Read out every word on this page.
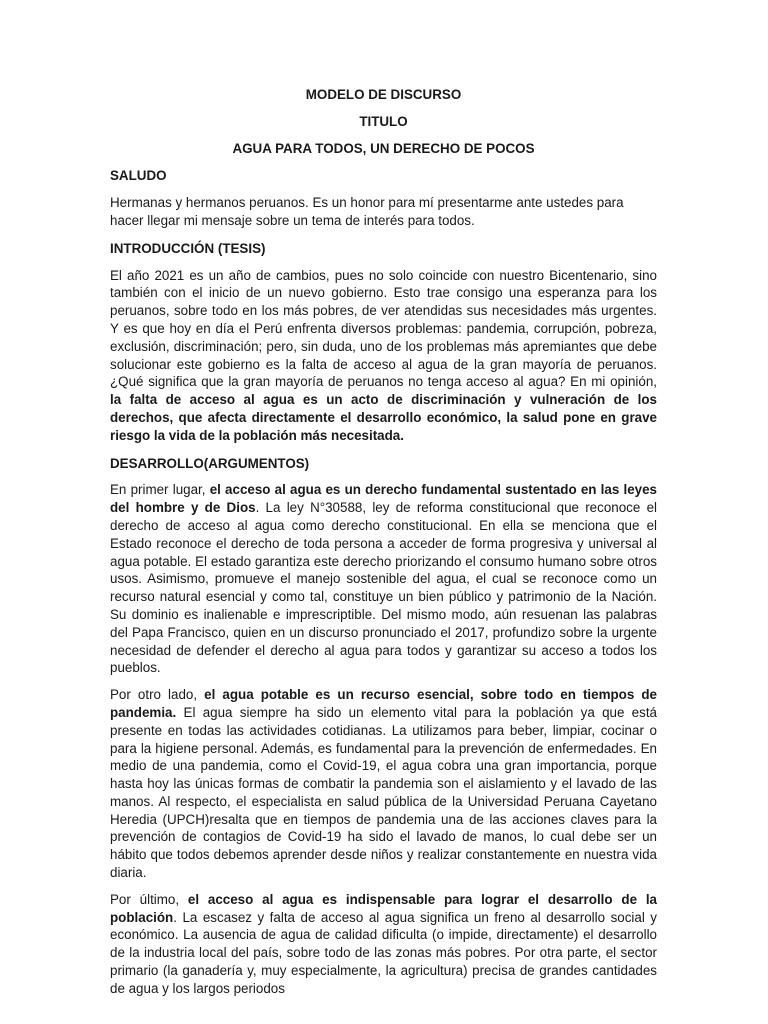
MODELO DE DISCURSO
TITULO
AGUA PARA TODOS, UN DERECHO DE POCOS
SALUDO

Hermanas y hermanos peruanos. Es un honor para mí presentarme ante ustedes para hacer llegar mi mensaje sobre un tema de interés para todos.

INTRODUCCIÓN (TESIS)

El año 2021 es un año de cambios, pues no solo coincide con nuestro Bicentenario, sino también con el inicio de un nuevo gobierno. Esto trae consigo una esperanza para los peruanos, sobre todo en los más pobres, de ver atendidas sus necesidades más urgentes. Y es que hoy en día el Perú enfrenta diversos problemas: pandemia, corrupción, pobreza, exclusión, discriminación; pero, sin duda, uno de los problemas más apremiantes que debe solucionar este gobierno es la falta de acceso al agua de la gran mayoría de peruanos. ¿Qué significa que la gran mayoría de peruanos no tenga acceso al agua? En mi opinión, la falta de acceso al agua es un acto de discriminación y vulneración de los derechos, que afecta directamente el desarrollo económico, la salud pone en grave riesgo la vida de la población más necesitada.

DESARROLLO(ARGUMENTOS)

En primer lugar, el acceso al agua es un derecho fundamental sustentado en las leyes del hombre y de Dios. La ley N°30588, ley de reforma constitucional que reconoce el derecho de acceso al agua como derecho constitucional. En ella se menciona que el Estado reconoce el derecho de toda persona a acceder de forma progresiva y universal al agua potable. El estado garantiza este derecho priorizando el consumo humano sobre otros usos. Asimismo, promueve el manejo sostenible del agua, el cual se reconoce como un recurso natural esencial y como tal, constituye un bien público y patrimonio de la Nación. Su dominio es inalienable e imprescriptible. Del mismo modo, aún resuenan las palabras del Papa Francisco, quien en un discurso pronunciado el 2017, profundizo sobre la urgente necesidad de defender el derecho al agua para todos y garantizar su acceso a todos los pueblos.

Por otro lado, el agua potable es un recurso esencial, sobre todo en tiempos de pandemia. El agua siempre ha sido un elemento vital para la población ya que está presente en todas las actividades cotidianas. La utilizamos para beber, limpiar, cocinar o para la higiene personal. Además, es fundamental para la prevención de enfermedades. En medio de una pandemia, como el Covid-19, el agua cobra una gran importancia, porque hasta hoy las únicas formas de combatir la pandemia son el aislamiento y el lavado de las manos. Al respecto, el especialista en salud pública de la Universidad Peruana Cayetano Heredia (UPCH)resalta que en tiempos de pandemia una de las acciones claves para la prevención de contagios de Covid-19 ha sido el lavado de manos, lo cual debe ser un hábito que todos debemos aprender desde niños y realizar constantemente en nuestra vida diaria.

Por último, el acceso al agua es indispensable para lograr el desarrollo de la población. La escasez y falta de acceso al agua significa un freno al desarrollo social y económico. La ausencia de agua de calidad dificulta (o impide, directamente) el desarrollo de la industria local del país, sobre todo de las zonas más pobres. Por otra parte, el sector primario (la ganadería y, muy especialmente, la agricultura) precisa de grandes cantidades de agua y los largos periodos
